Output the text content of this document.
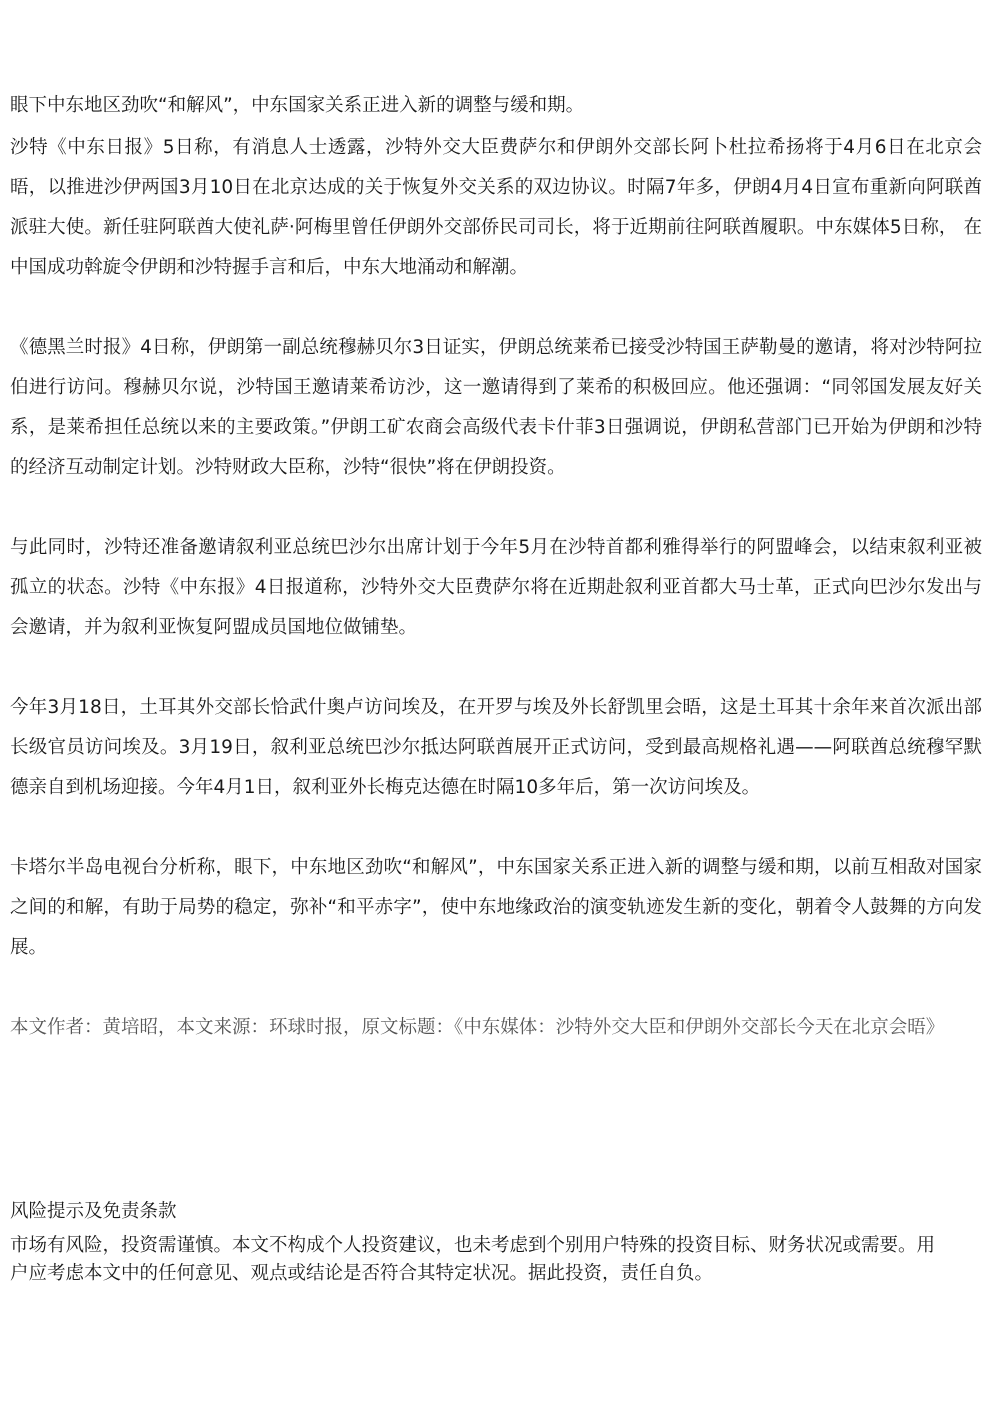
眼下中东地区劲吹“和解风”，中东国家关系正进入新的调整与缓和期。

沙特《中东日报》5日称，有消息人士透露，沙特外交大臣费萨尔和伊朗外交部长阿卜杜拉希扬将于4月6日在北京会晤，以推进沙伊两国3月10日在北京达成的关于恢复外交关系的双边协议。时隔7年多，伊朗4月4日宣布重新向阿联酋派驻大使。新任驻阿联酋大使礼萨·阿梅里曾任伊朗外交部侨民司司长，将于近期前往阿联酋履职。中东媒体5日称， 在中国成功斡旋令伊朗和沙特握手言和后，中东大地涌动和解潮。

《德黑兰时报》4日称，伊朗第一副总统穆赫贝尔3日证实，伊朗总统莱希已接受沙特国王萨勒曼的邀请，将对沙特阿拉伯进行访问。穆赫贝尔说，沙特国王邀请莱希访沙，这一邀请得到了莱希的积极回应。他还强调：“同邻国发展友好关系，是莱希担任总统以来的主要政策。”伊朗工矿农商会高级代表卡什菲3日强调说，伊朗私营部门已开始为伊朗和沙特的经济互动制定计划。沙特财政大臣称，沙特“很快”将在伊朗投资。

与此同时，沙特还准备邀请叙利亚总统巴沙尔出席计划于今年5月在沙特首都利雅得举行的阿盟峰会，以结束叙利亚被孤立的状态。沙特《中东报》4日报道称，沙特外交大臣费萨尔将在近期赴叙利亚首都大马士革，正式向巴沙尔发出与会邀请，并为叙利亚恢复阿盟成员国地位做铺垫。

今年3月18日，土耳其外交部长恰武什奥卢访问埃及，在开罗与埃及外长舒凯里会晤，这是土耳其十余年来首次派出部长级官员访问埃及。3月19日，叙利亚总统巴沙尔抵达阿联酋展开正式访问，受到最高规格礼遇——阿联酋总统穆罕默德亲自到机场迎接。今年4月1日，叙利亚外长梅克达德在时隔10多年后，第一次访问埃及。

卡塔尔半岛电视台分析称，眼下，中东地区劲吹“和解风”，中东国家关系正进入新的调整与缓和期，以前互相敌对国家之间的和解，有助于局势的稳定，弥补“和平赤字”，使中东地缘政治的演变轨迹发生新的变化，朝着令人鼓舞的方向发展。

本文作者：黄培昭，本文来源：环球时报，原文标题：《中东媒体：沙特外交大臣和伊朗外交部长今天在北京会晤》

风险提示及免责条款

市场有风险，投资需谨慎。本文不构成个人投资建议，也未考虑到个别用户特殊的投资目标、财务状况或需要。用户应考虑本文中的任何意见、观点或结论是否符合其特定状况。据此投资，责任自负。
